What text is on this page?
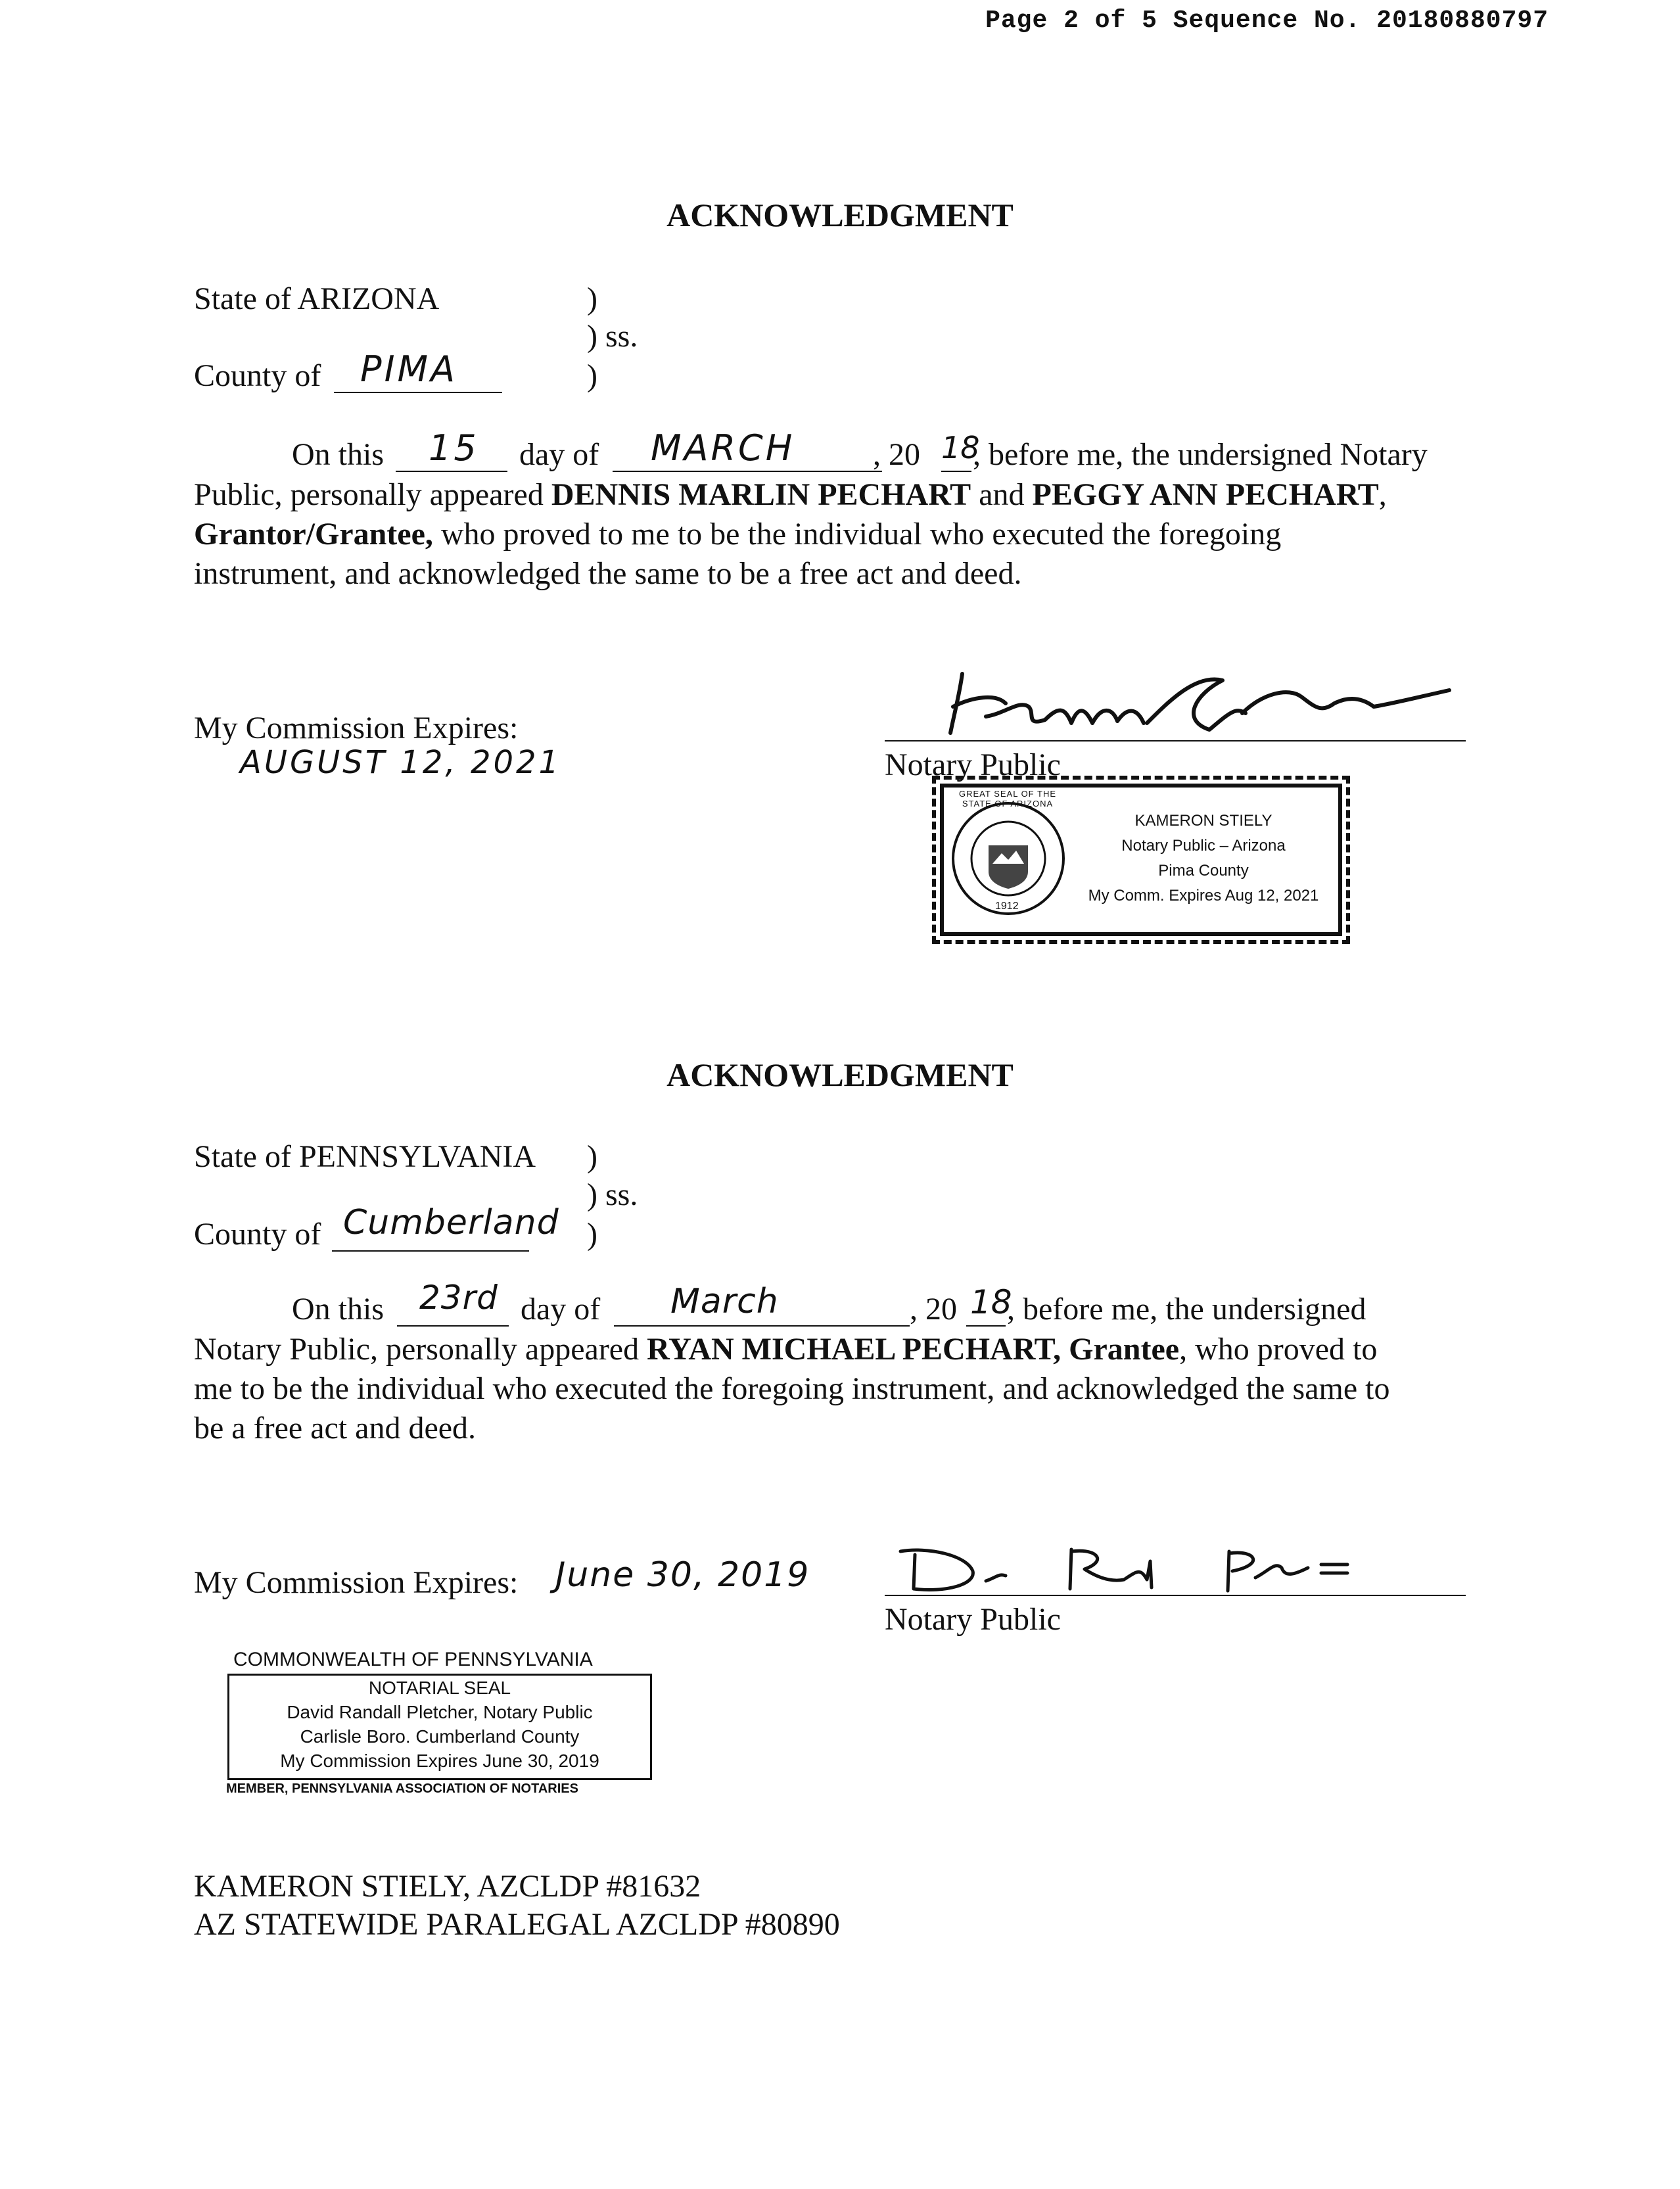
Page 2 of 5 Sequence No. 20180880797
ACKNOWLEDGMENT
State of ARIZONA	)
) ss.
County of PIMA	)
On this 15 day of MARCH , 20 18
, before me, the undersigned Notary
Public, personally appeared DENNIS MARLIN PECHART and PEGGY ANN PECHART,
Grantor/Grantee, who proved to me to be the individual who executed the foregoing
instrument, and acknowledged the same to be a free act and deed.
My Commission Expires:
AUGUST 12, 2021	Notary Public
GREAT SEAL OF THE STATE OF ARIZONA
1912
KAMERON STIELY
Notary Public – Arizona
Pima County
My Comm. Expires Aug 12, 2021
ACKNOWLEDGMENT
State of PENNSYLVANIA )
) ss.
County of Cumberland )
On this 23rd day of March	, 20 18
, before me, the undersigned
Notary Public, personally appeared RYAN MICHAEL PECHART, Grantee, who proved to
me to be the individual who executed the foregoing instrument, and acknowledged the same to
be a free act and deed.
My Commission Expires: June 30, 2019
Notary Public
COMMONWEALTH OF PENNSYLVANIA
NOTARIAL SEAL
David Randall Pletcher, Notary Public
Carlisle Boro. Cumberland County
My Commission Expires June 30, 2019
MEMBER, PENNSYLVANIA ASSOCIATION OF NOTARIES
KAMERON STIELY, AZCLDP #81632
AZ STATEWIDE PARALEGAL AZCLDP #80890
